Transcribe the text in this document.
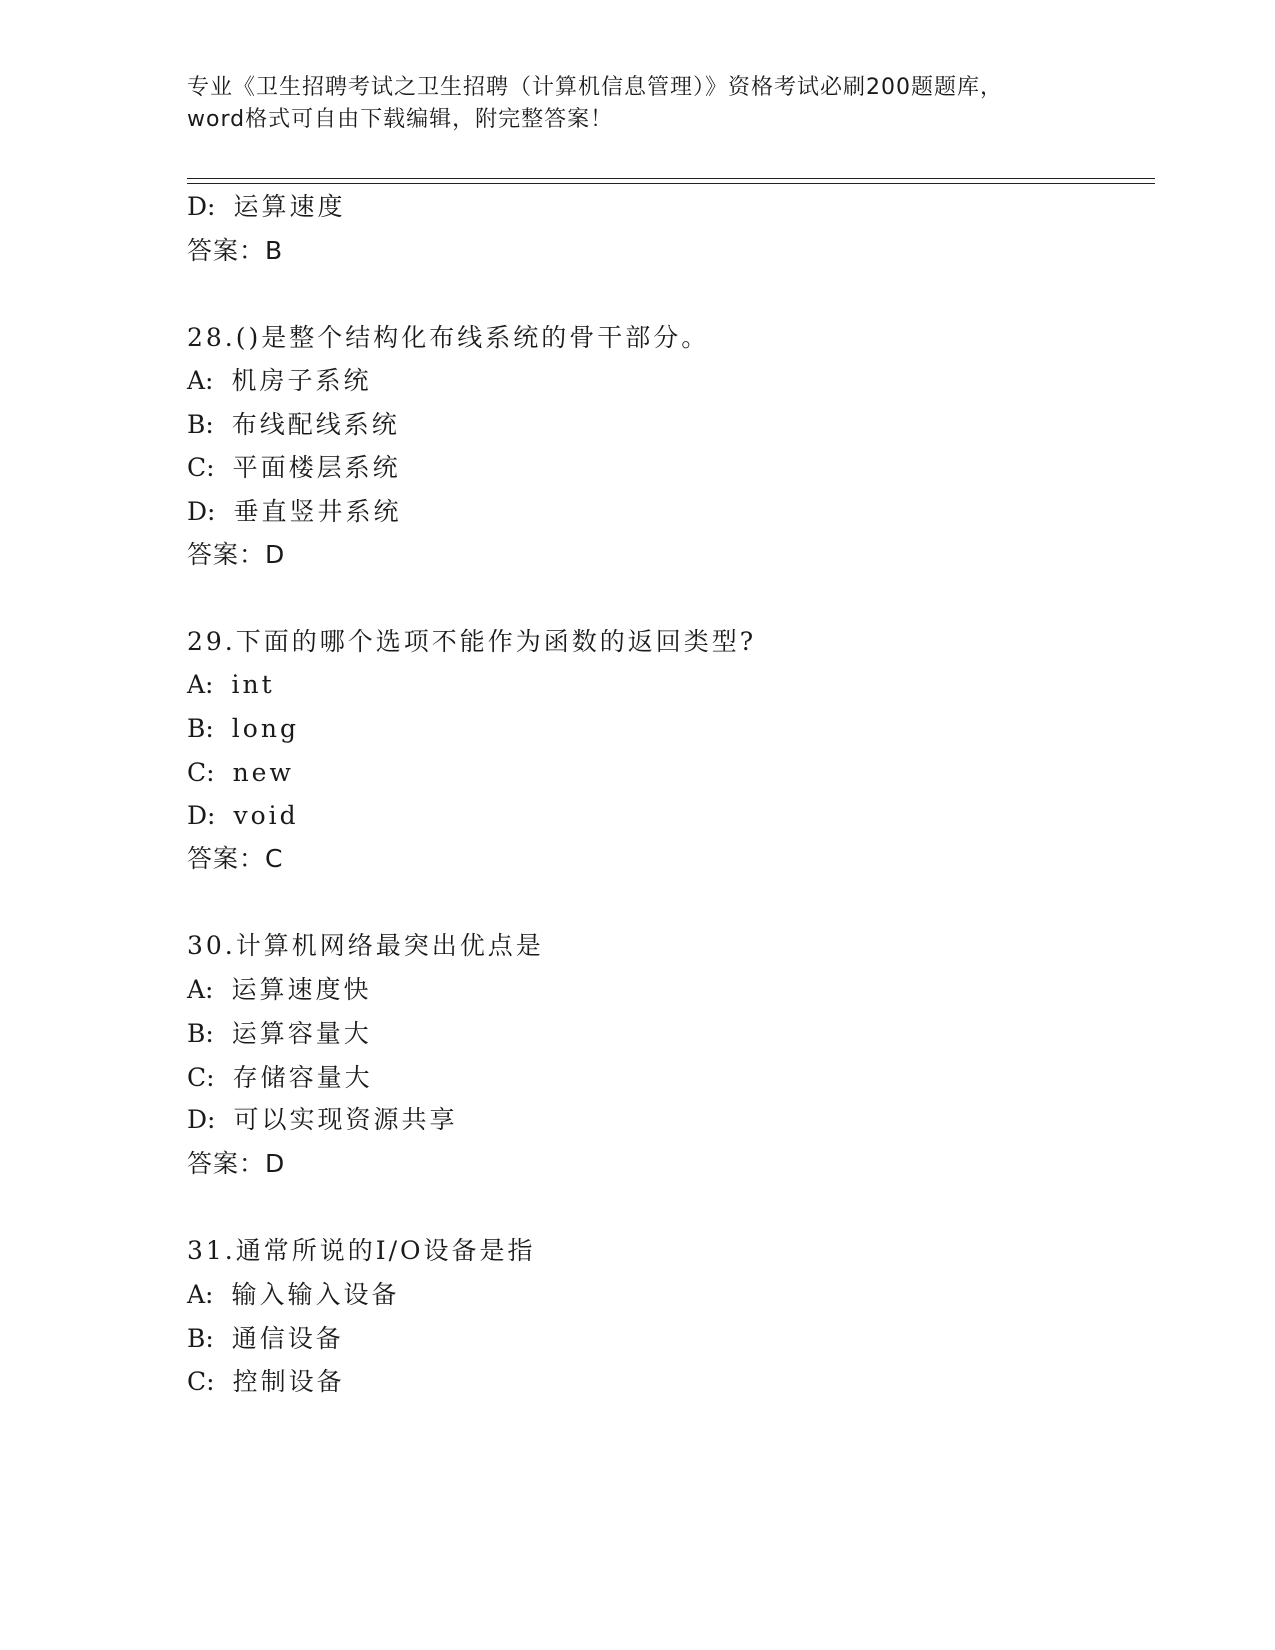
专业《卫生招聘考试之卫生招聘（计算机信息管理）》资格考试必刷200题题库，
word格式可自由下载编辑，附完整答案！
D: 运算速度
答案：B
28.()是整个结构化布线系统的骨干部分。
A: 机房子系统
B: 布线配线系统
C: 平面楼层系统
D: 垂直竖井系统
答案：D
29.下面的哪个选项不能作为函数的返回类型?
A: int
B: long
C: new
D: void
答案：C
30.计算机网络最突出优点是
A: 运算速度快
B: 运算容量大
C: 存储容量大
D: 可以实现资源共享
答案：D
31.通常所说的I/O设备是指
A: 输入输入设备
B: 通信设备
C: 控制设备
